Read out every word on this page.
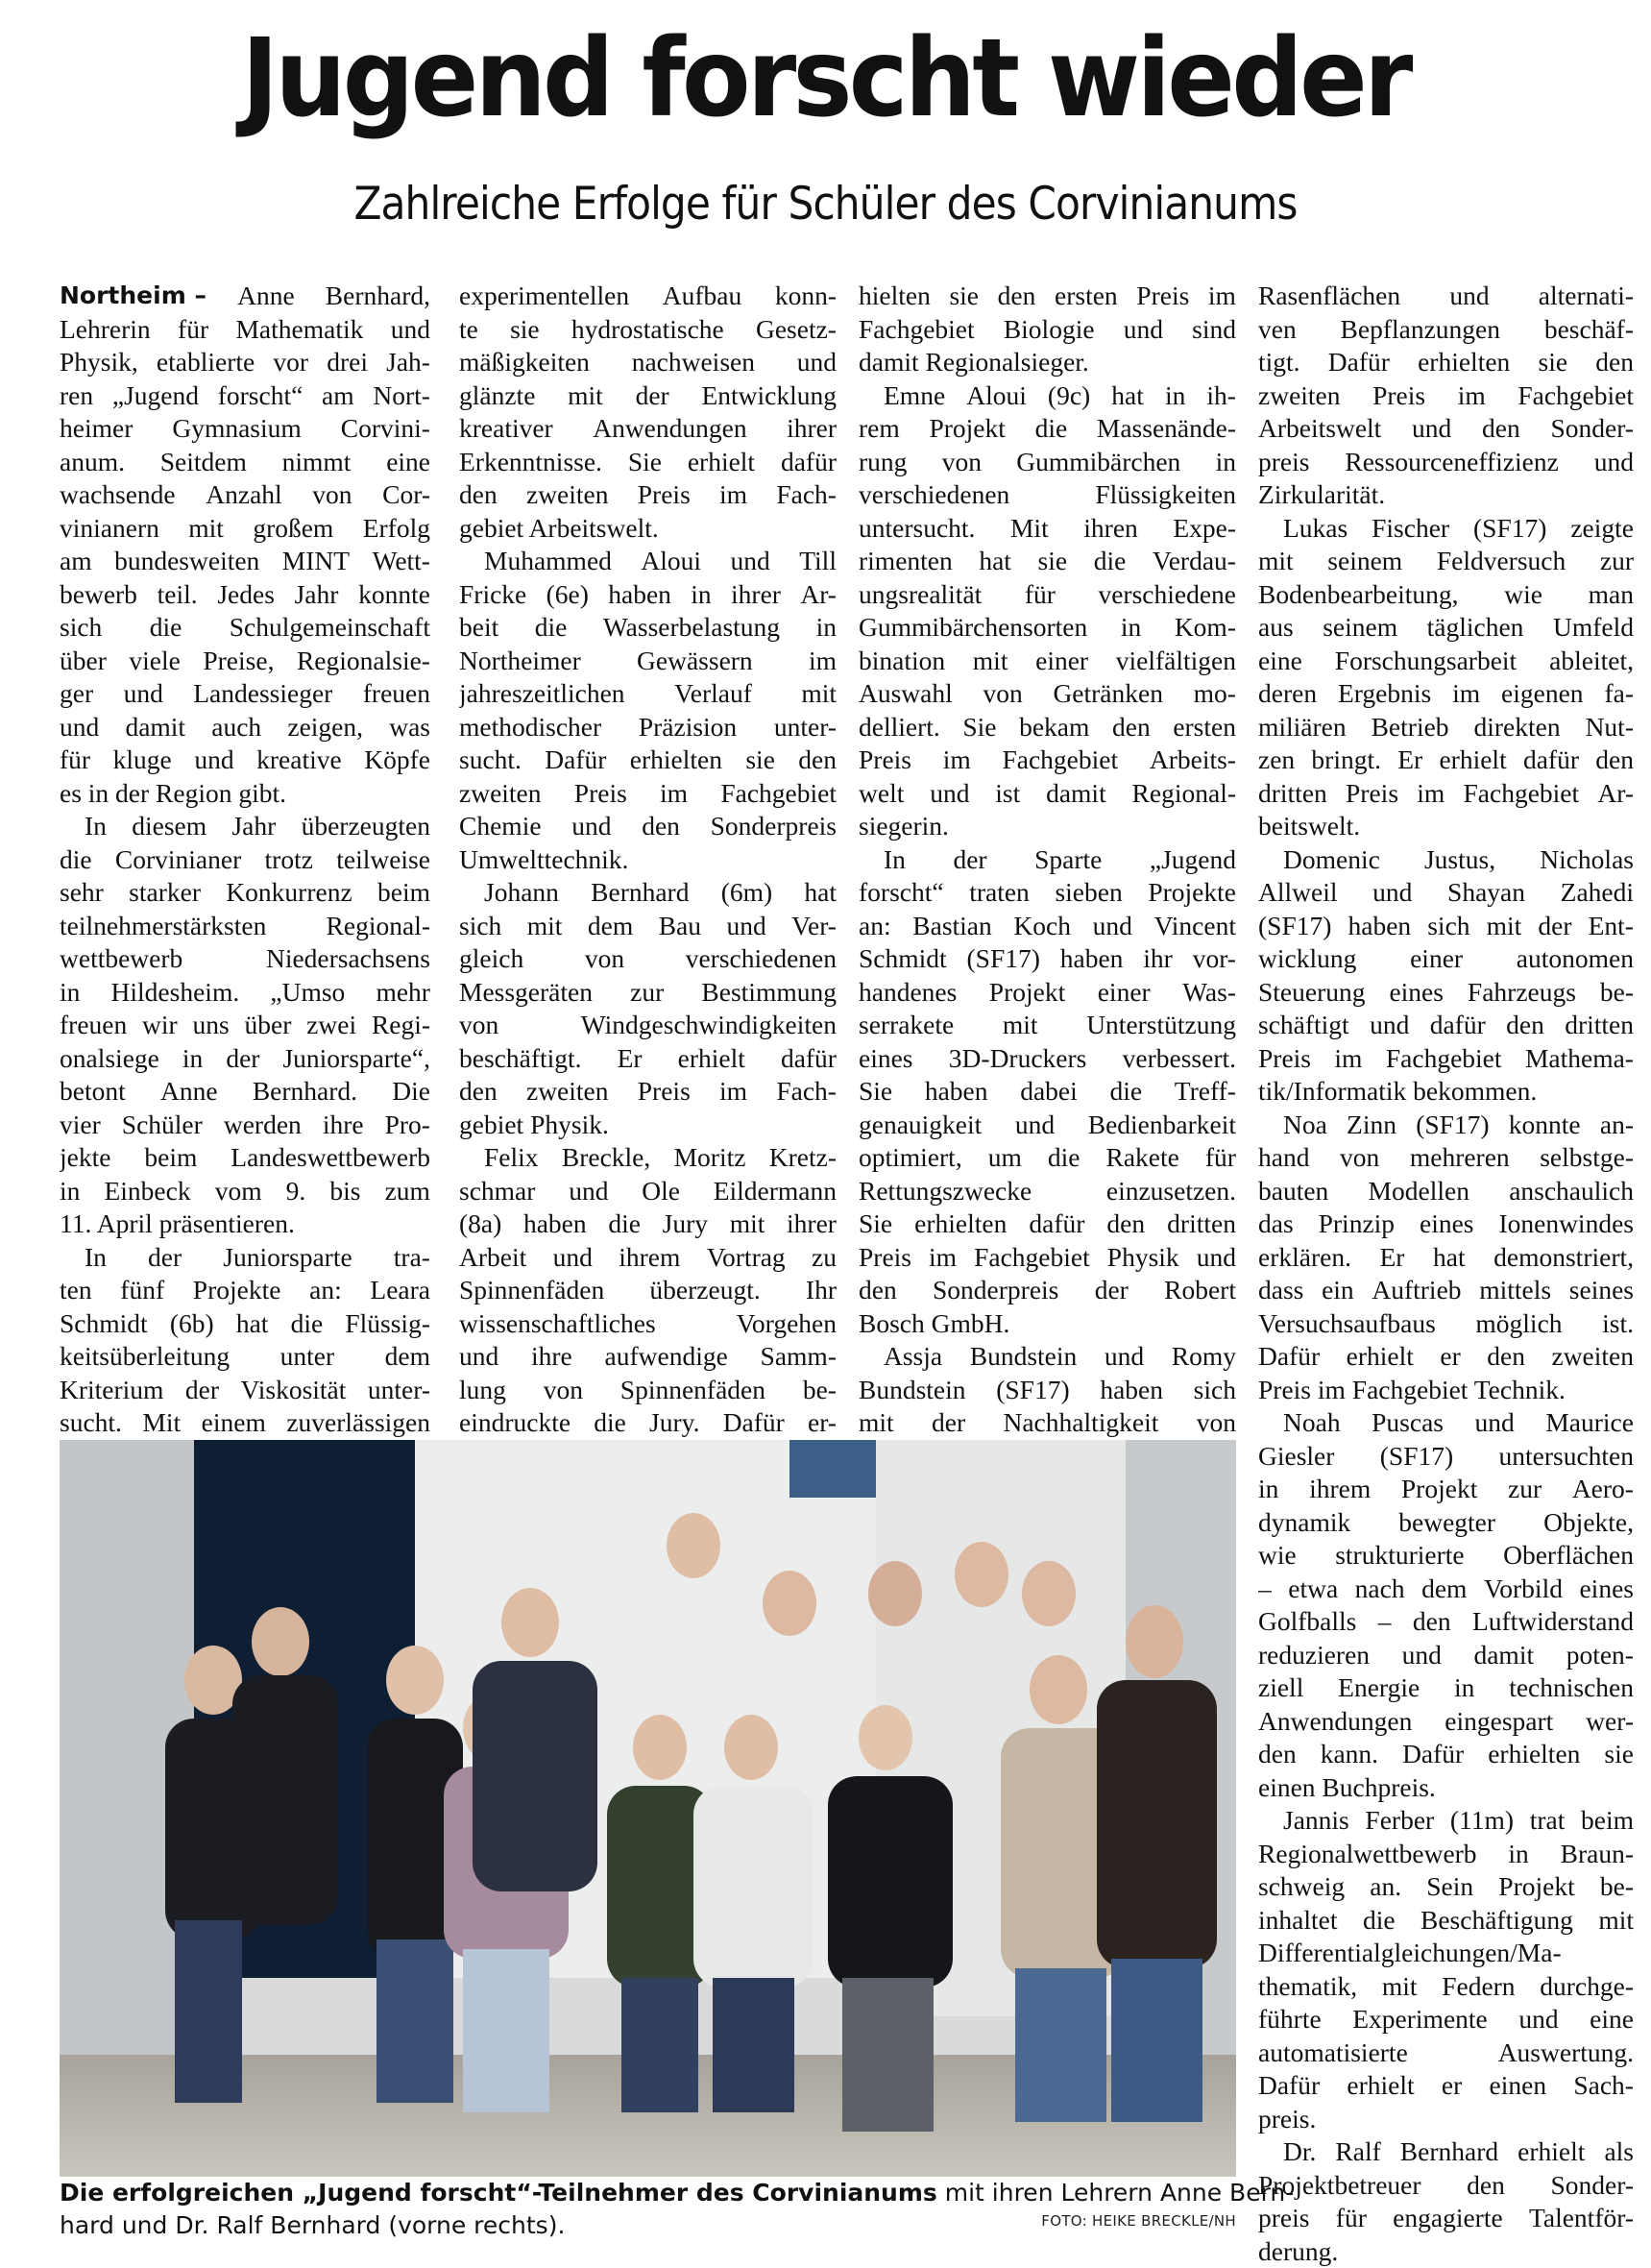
Jugend forscht wieder
Zahlreiche Erfolge für Schüler des Corvinianums
Northeim – Anne Bernhard,
Lehrerin für Mathematik und
Physik, etablierte vor drei Jah-
ren „Jugend forscht“ am Nort-
heimer Gymnasium Corvini-
anum. Seitdem nimmt eine
wachsende Anzahl von Cor-
vinianern mit großem Erfolg
am bundesweiten MINT Wett-
bewerb teil. Jedes Jahr konnte
sich die Schulgemeinschaft
über viele Preise, Regionalsie-
ger und Landessieger freuen
und damit auch zeigen, was
für kluge und kreative Köpfe
es in der Region gibt.
In diesem Jahr überzeugten
die Corvinianer trotz teilweise
sehr starker Konkurrenz beim
teilnehmerstärksten Regional-
wettbewerb	Niedersachsens
in Hildesheim. „Umso mehr
freuen wir uns über zwei Regi-
onalsiege in der Juniorsparte“,
betont Anne Bernhard. Die
vier Schüler werden ihre Pro-
jekte beim Landeswettbewerb
in Einbeck vom 9. bis zum
11. April präsentieren.
In der Juniorsparte tra-
ten fünf Projekte an: Leara
Schmidt (6b) hat die Flüssig-
keitsüberleitung unter dem
Kriterium der Viskosität unter-
sucht. Mit einem zuverlässigen
experimentellen Aufbau konn-
te sie hydrostatische Gesetz-
mäßigkeiten nachweisen und
glänzte mit der Entwicklung
kreativer Anwendungen ihrer
Erkenntnisse. Sie erhielt dafür
den zweiten Preis im Fach-
gebiet Arbeitswelt.
Muhammed Aloui und Till
Fricke (6e) haben in ihrer Ar-
beit die Wasserbelastung in
Northeimer Gewässern im
jahreszeitlichen Verlauf mit
methodischer Präzision unter-
sucht. Dafür erhielten sie den
zweiten Preis im Fachgebiet
Chemie und den Sonderpreis
Umwelttechnik.
Johann Bernhard (6m) hat
sich mit dem Bau und Ver-
gleich von verschiedenen
Messgeräten zur Bestimmung
von	Windgeschwindigkeiten
beschäftigt. Er erhielt dafür
den zweiten Preis im Fach-
gebiet Physik.
Felix Breckle, Moritz Kretz-
schmar und Ole Eildermann
(8a) haben die Jury mit ihrer
Arbeit und ihrem Vortrag zu
Spinnenfäden überzeugt. Ihr
wissenschaftliches	Vorgehen
und ihre aufwendige Samm-
lung von Spinnenfäden be-
eindruckte die Jury. Dafür er-
hielten sie den ersten Preis im
Fachgebiet Biologie und sind
damit Regionalsieger.
Emne Aloui (9c) hat in ih-
rem Projekt die Massenände-
rung von Gummibärchen in
verschiedenen	Flüssigkeiten
untersucht. Mit ihren Expe-
rimenten hat sie die Verdau-
ungsrealität für verschiedene
Gummibärchensorten in Kom-
bination mit einer vielfältigen
Auswahl von Getränken mo-
delliert. Sie bekam den ersten
Preis im Fachgebiet Arbeits-
welt und ist damit Regional-
siegerin.
In der Sparte „Jugend
forscht“ traten sieben Projekte
an: Bastian Koch und Vincent
Schmidt (SF17) haben ihr vor-
handenes Projekt einer Was-
serrakete mit Unterstützung
eines 3D-Druckers verbessert.
Sie haben dabei die Treff-
genauigkeit und Bedienbarkeit
optimiert, um die Rakete für
Rettungszwecke	einzusetzen.
Sie erhielten dafür den dritten
Preis im Fachgebiet Physik und
den Sonderpreis der Robert
Bosch GmbH.
Assja Bundstein und Romy
Bundstein (SF17) haben sich
mit der Nachhaltigkeit von
Rasenflächen und alternati-
ven Bepflanzungen beschäf-
tigt. Dafür erhielten sie den
zweiten Preis im Fachgebiet
Arbeitswelt und den Sonder-
preis Ressourceneffizienz und
Zirkularität.
Lukas Fischer (SF17) zeigte
mit seinem Feldversuch zur
Bodenbearbeitung, wie man
aus seinem täglichen Umfeld
eine Forschungsarbeit ableitet,
deren Ergebnis im eigenen fa-
miliären Betrieb direkten Nut-
zen bringt. Er erhielt dafür den
dritten Preis im Fachgebiet Ar-
beitswelt.
Domenic Justus, Nicholas
Allweil und Shayan Zahedi
(SF17) haben sich mit der Ent-
wicklung einer autonomen
Steuerung eines Fahrzeugs be-
schäftigt und dafür den dritten
Preis im Fachgebiet Mathema-
tik/Informatik bekommen.
Noa Zinn (SF17) konnte an-
hand von mehreren selbstge-
bauten Modellen anschaulich
das Prinzip eines Ionenwindes
erklären. Er hat demonstriert,
dass ein Auftrieb mittels seines
Versuchsaufbaus möglich ist.
Dafür erhielt er den zweiten
Preis im Fachgebiet Technik.
Noah Puscas und Maurice
Giesler (SF17) untersuchten
in ihrem Projekt zur Aero-
dynamik bewegter Objekte,
wie strukturierte Oberflächen
– etwa nach dem Vorbild eines
Golfballs – den Luftwiderstand
reduzieren und damit poten-
ziell Energie in technischen
Anwendungen eingespart wer-
den kann. Dafür erhielten sie
einen Buchpreis.
Jannis Ferber (11m) trat beim
Regionalwettbewerb in Braun-
schweig an. Sein Projekt be-
inhaltet die Beschäftigung mit
Differentialgleichungen/Ma-
thematik, mit Federn durchge-
führte Experimente und eine
automatisierte	Auswertung.
Dafür erhielt er einen Sach-
preis.
Dr. Ralf Bernhard erhielt als
Projektbetreuer den Sonder-
preis für engagierte Talentför-
derung.
Die erfolgreichen „Jugend forscht“-Teilnehmer des Corvinianums mit ihren Lehrern Anne Bern-
hard und Dr. Ralf Bernhard (vorne rechts).	FOTO: HEIKE BRECKLE/NH
